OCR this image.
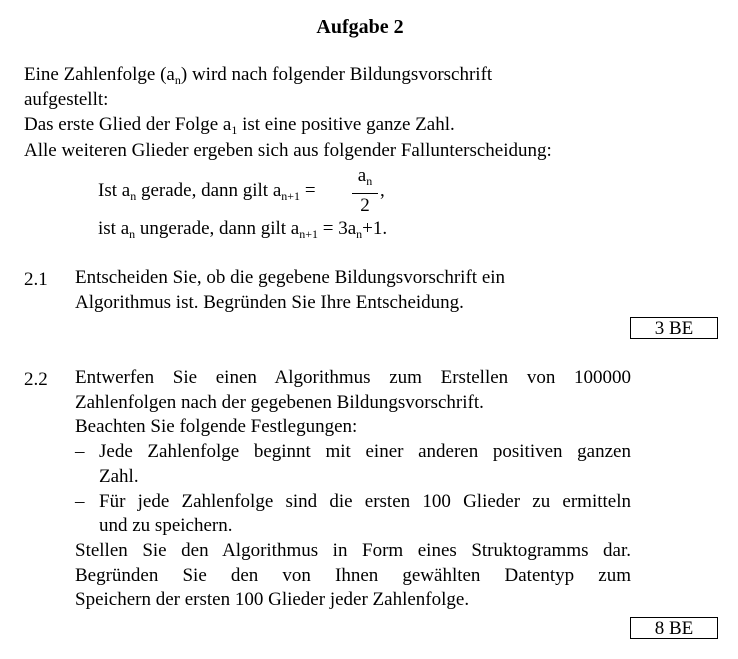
Aufgabe 2
Eine Zahlenfolge $(a_n)$ wird nach folgender Bildungsvorschrift
aufgestellt:
Das erste Glied der Folge $a_1$ ist eine positive ganze Zahl.
Alle weiteren Glieder ergeben sich aus folgender Fallunterscheidung:
Ist $a_n$ gerade, dann gilt $a_{n+1}$ =
$a_n$
2
,
ist $a_n$ ungerade, dann gilt $a_{n+1} = 3a_n+1$.
2.1 Entscheiden Sie, ob die gegebene Bildungsvorschrift ein
Algorithmus ist. Begründen Sie Ihre Entscheidung.
3 BE
2.2 Entwerfen Sie einen Algorithmus zum Erstellen von 100000
Zahlenfolgen nach der gegebenen Bildungsvorschrift.
Beachten Sie folgende Festlegungen:
– Jede Zahlenfolge beginnt mit einer anderen positiven ganzen
Zahl.
– Für jede Zahlenfolge sind die ersten 100 Glieder zu ermitteln
und zu speichern.
Stellen Sie den Algorithmus in Form eines Struktogramms dar.
Begründen Sie den von Ihnen gewählten Datentyp zum
Speichern der ersten 100 Glieder jeder Zahlenfolge.
8 BE
